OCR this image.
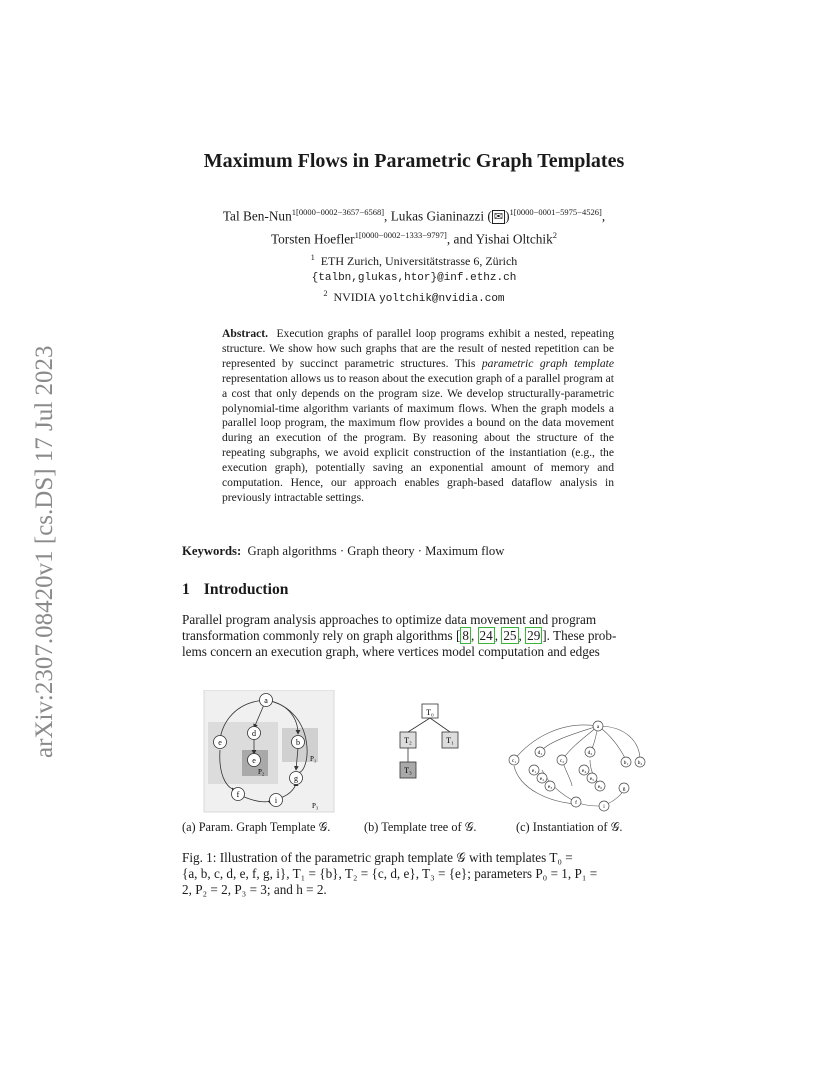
arXiv:2307.08420v1 [cs.DS] 17 Jul 2023
Maximum Flows in Parametric Graph Templates
Tal Ben-Nun$^{1[0000-0002-3657-6568]}$, Lukas Gianinazzi ( ✉ )$^{1[0000-0001-5975-4526]}$,
Torsten Hoefler$^{1[0000-0002-1333-9797]}$, and Yishai Oltchik$^2$
$^1$ ETH Zurich, Universitätstrasse 6, Zürich
{talbn,glukas,htor}@inf.ethz.ch
$^2$ NVIDIA yoltchik@nvidia.com
Abstract. Execution graphs of parallel loop programs exhibit a nested, repeating structure. We show how such graphs that are the result of nested repetition can be represented by succinct parametric structures. This parametric graph template representation allows us to reason about the execution graph of a parallel program at a cost that only depends on the program size. We develop structurally-parametric polynomial-time algorithm variants of maximum flows. When the graph models a parallel loop program, the maximum flow provides a bound on the data movement during an execution of the program. By reasoning about the structure of the repeating subgraphs, we avoid explicit construction of the instantiation (e.g., the execution graph), potentially saving an exponential amount of memory and computation. Hence, our approach enables graph-based dataflow analysis in previously intractable settings.
Keywords: Graph algorithms · Graph theory · Maximum flow
1 Introduction
Parallel program analysis approaches to optimize data movement and program
transformation commonly rely on graph algorithms [ 8 , 24 , 25 , 29 ]. These prob-
lems concern an execution graph, where vertices model computation and edges
a
d
e
e
b
g
f
i
P₁
P₂
P₃
T₀
T₂	T₁
T₃
a
d₁	d₂
c₁	c₂
e₁
e₂
e₃
e₄
e₅
e₆
b₁ b₂
f
i
g
(a) Param. Graph Template 𝒢.	(b) Template tree of 𝒢.	(c) Instantiation of 𝒢.
Fig. 1: Illustration of the parametric graph template 𝒢 with templates T₀ =
{a, b, c, d, e, f, g, i}, T₁ = {b}, T₂ = {c, d, e}, T₃ = {e}; parameters P₀ = 1, P₁ =
2, P₂ = 2, P₃ = 3; and h = 2.
